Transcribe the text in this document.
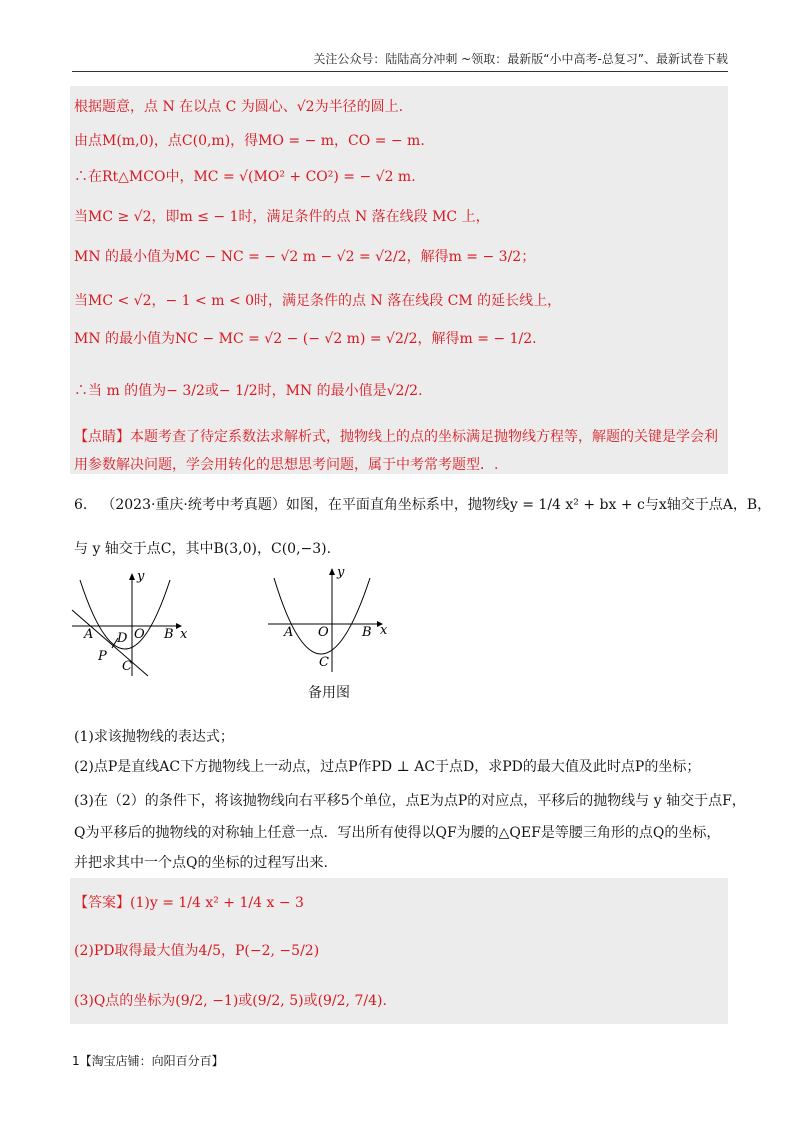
关注公众号：陆陆高分冲刺 ~领取：最新版“小中高考-总复习”、最新试卷下载
根据题意，点 N 在以点 C 为圆心、√2为半径的圆上.
由点M(m,0)，点C(0,m)，得MO = − m，CO = − m.
∴在Rt△MCO中，MC = √(MO² + CO²) = − √2 m.
当MC ≥ √2，即m ≤ − 1时，满足条件的点 N 落在线段 MC 上，
MN 的最小值为MC − NC = − √2 m − √2 = √2/2，解得m = − 3/2；
当MC < √2，− 1 < m < 0时，满足条件的点 N 落在线段 CM 的延长线上，
MN 的最小值为NC − MC = √2 − (− √2 m) = √2/2，解得m = − 1/2.
∴当 m 的值为− 3/2或− 1/2时，MN 的最小值是√2/2.
【点睛】本题考查了待定系数法求解析式，抛物线上的点的坐标满足抛物线方程等，解题的关键是学会利
用参数解决问题，学会用转化的思想思考问题，属于中考常考题型．.
6． （2023·重庆·统考中考真题）如图，在平面直角坐标系中，抛物线y = 1/4 x² + bx + c与x轴交于点A，B，
与 y 轴交于点C，其中B(3,0)，C(0,−3).
y
x
A	O B
D
P
C
y
x
A O	B
C
备用图
(1)求该抛物线的表达式；
(2)点P是直线AC下方抛物线上一动点，过点P作PD ⊥ AC于点D，求PD的最大值及此时点P的坐标；
(3)在（2）的条件下，将该抛物线向右平移5个单位，点E为点P的对应点，平移后的抛物线与 y 轴交于点F，
Q为平移后的抛物线的对称轴上任意一点．写出所有使得以QF为腰的△QEF是等腰三角形的点Q的坐标，
并把求其中一个点Q的坐标的过程写出来.
【答案】(1)y = 1/4 x² + 1/4 x − 3
(2)PD取得最大值为4/5，P(−2, −5/2)
(3)Q点的坐标为(9/2, −1)或(9/2, 5)或(9/2, 7/4).
1【淘宝店铺：向阳百分百】
